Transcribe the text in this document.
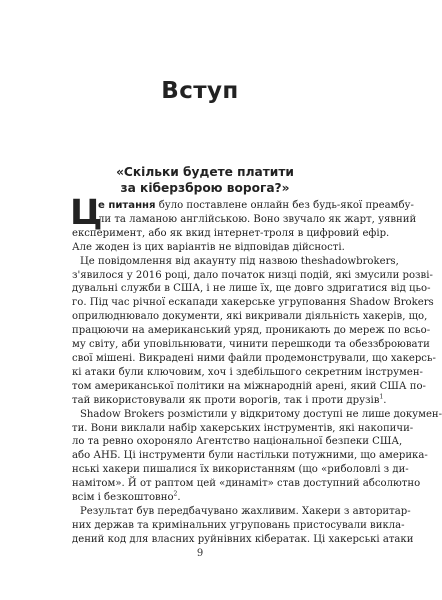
Вступ
«Скільки будете платити
за кіберзброю ворога?»
Ц
е питання було поставлене онлайн без будь-якої преамбу-
ли та ламаною англійською. Воно звучало як жарт, уявний
експеримент, або як вкид інтернет-троля в цифровий ефір.
Але жоден із цих варіантів не відповідав дійсності.
Це повідомлення від акаунту під назвою theshadowbrokers,
з'явилося у 2016 році, дало початок низці подій, які змусили розві-
дувальні служби в США, і не лише їх, ще довго здригатися від цьо-
го. Під час річної ескапади хакерське угруповання Shadow Brokers
оприлюднювало документи, які викривали діяльність хакерів, що,
працюючи на американський уряд, проникають до мереж по всьо-
му світу, аби уповільнювати, чинити перешкоди та обеззброювати
свої мішені. Викрадені ними файли продемонстрували, що хакерсь-
кі атаки були ключовим, хоч і здебільшого секретним інструмен-
том американської політики на міжнародній арені, який США по-
тай використовували як проти ворогів, так і проти друзів$^1$.
Shadow Brokers розмістили у відкритому доступі не лише докумен-
ти. Вони виклали набір хакерських інструментів, які накопичи-
ло та ревно охороняло Агентство національної безпеки США,
або АНБ. Ці інструменти були настільки потужними, що америка-
нські хакери пишалися їх використанням (що «риболовлі з ди-
намітом». Й от раптом цей «динаміт» став доступний абсолютно
всім і безкоштовно$^2$.
Результат був передбачувано жахливим. Хакери з авторитар-
них держав та кримінальних угруповань пристосували викла-
дений код для власних руйнівних кібератак. Ці хакерські атаки
9
